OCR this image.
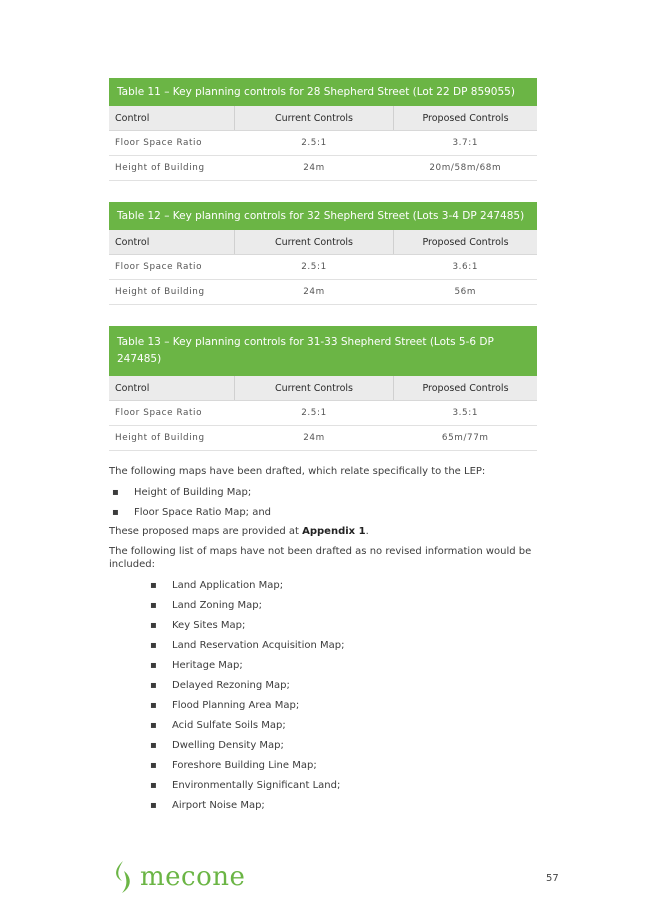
Table 11 – Key planning controls for 28 Shepherd Street (Lot 22 DP 859055)		
Control	Current Controls	Proposed Controls
Floor Space Ratio	2.5:1	3.7:1
Height of Building	24m	20m/58m/68m
Table 12 – Key planning controls for 32 Shepherd Street (Lots 3-4 DP 247485)		
Control	Current Controls	Proposed Controls
Floor Space Ratio	2.5:1	3.6:1
Height of Building	24m	56m
Table 13 – Key planning controls for 31-33 Shepherd Street (Lots 5-6 DP 247485)		
Control	Current Controls	Proposed Controls
Floor Space Ratio	2.5:1	3.5:1
Height of Building	24m	65m/77m
The following maps have been drafted, which relate specifically to the LEP:
▪ Height of Building Map;
▪ Floor Space Ratio Map; and
These proposed maps are provided at Appendix 1.
The following list of maps have not been drafted as no revised information would be included:
▪ Land Application Map;
▪ Land Zoning Map;
▪ Key Sites Map;
▪ Land Reservation Acquisition Map;
▪ Heritage Map;
▪ Delayed Rezoning Map;
▪ Flood Planning Area Map;
▪ Acid Sulfate Soils Map;
▪ Dwelling Density Map;
▪ Foreshore Building Line Map;
▪ Environmentally Significant Land;
▪ Airport Noise Map;
mecone	57
